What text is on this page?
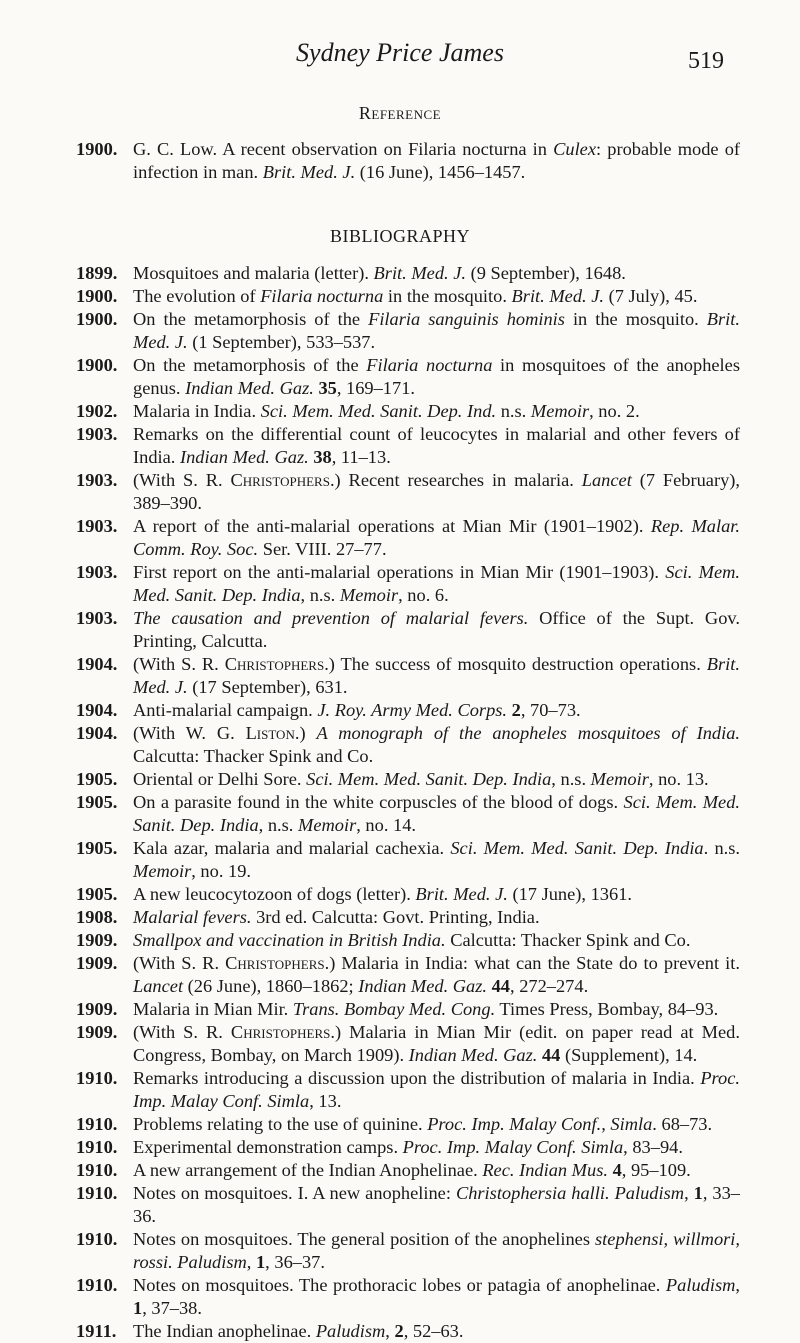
Sydney Price James	519
Reference
1900. G. C. Low. A recent observation on Filaria nocturna in Culex: probable mode of infection in man. Brit. Med. J. (16 June), 1456–1457.
BIBLIOGRAPHY
1899. Mosquitoes and malaria (letter). Brit. Med. J. (9 September), 1648.
1900. The evolution of Filaria nocturna in the mosquito. Brit. Med. J. (7 July), 45.
1900. On the metamorphosis of the Filaria sanguinis hominis in the mosquito. Brit. Med. J. (1 September), 533–537.
1900. On the metamorphosis of the Filaria nocturna in mosquitoes of the anopheles genus. Indian Med. Gaz. 35, 169–171.
1902. Malaria in India. Sci. Mem. Med. Sanit. Dep. Ind. n.s. Memoir, no. 2.
1903. Remarks on the differential count of leucocytes in malarial and other fevers of India. Indian Med. Gaz. 38, 11–13.
1903. (With S. R. Christophers.) Recent researches in malaria. Lancet (7 February), 389–390.
1903. A report of the anti-malarial operations at Mian Mir (1901–1902). Rep. Malar. Comm. Roy. Soc. Ser. VIII. 27–77.
1903. First report on the anti-malarial operations in Mian Mir (1901–1903). Sci. Mem. Med. Sanit. Dep. India, n.s. Memoir, no. 6.
1903. The causation and prevention of malarial fevers. Office of the Supt. Gov. Printing, Calcutta.
1904. (With S. R. Christophers.) The success of mosquito destruction operations. Brit. Med. J. (17 September), 631.
1904. Anti-malarial campaign. J. Roy. Army Med. Corps. 2, 70–73.
1904. (With W. G. Liston.) A monograph of the anopheles mosquitoes of India. Calcutta: Thacker Spink and Co.
1905. Oriental or Delhi Sore. Sci. Mem. Med. Sanit. Dep. India, n.s. Memoir, no. 13.
1905. On a parasite found in the white corpuscles of the blood of dogs. Sci. Mem. Med. Sanit. Dep. India, n.s. Memoir, no. 14.
1905. Kala azar, malaria and malarial cachexia. Sci. Mem. Med. Sanit. Dep. India. n.s. Memoir, no. 19.
1905. A new leucocytozoon of dogs (letter). Brit. Med. J. (17 June), 1361.
1908. Malarial fevers. 3rd ed. Calcutta: Govt. Printing, India.
1909. Smallpox and vaccination in British India. Calcutta: Thacker Spink and Co.
1909. (With S. R. Christophers.) Malaria in India: what can the State do to prevent it. Lancet (26 June), 1860–1862; Indian Med. Gaz. 44, 272–274.
1909. Malaria in Mian Mir. Trans. Bombay Med. Cong. Times Press, Bombay, 84–93.
1909. (With S. R. Christophers.) Malaria in Mian Mir (edit. on paper read at Med. Congress, Bombay, on March 1909). Indian Med. Gaz. 44 (Supplement), 14.
1910. Remarks introducing a discussion upon the distribution of malaria in India. Proc. Imp. Malay Conf. Simla, 13.
1910. Problems relating to the use of quinine. Proc. Imp. Malay Conf., Simla. 68–73.
1910. Experimental demonstration camps. Proc. Imp. Malay Conf. Simla, 83–94.
1910. A new arrangement of the Indian Anophelinae. Rec. Indian Mus. 4, 95–109.
1910. Notes on mosquitoes. I. A new anopheline: Christophersia halli. Paludism, 1, 33–36.
1910. Notes on mosquitoes. The general position of the anophelines stephensi, willmori, rossi. Paludism, 1, 36–37.
1910. Notes on mosquitoes. The prothoracic lobes or patagia of anophelinae. Paludism, 1, 37–38.
1911. The Indian anophelinae. Paludism, 2, 52–63.
